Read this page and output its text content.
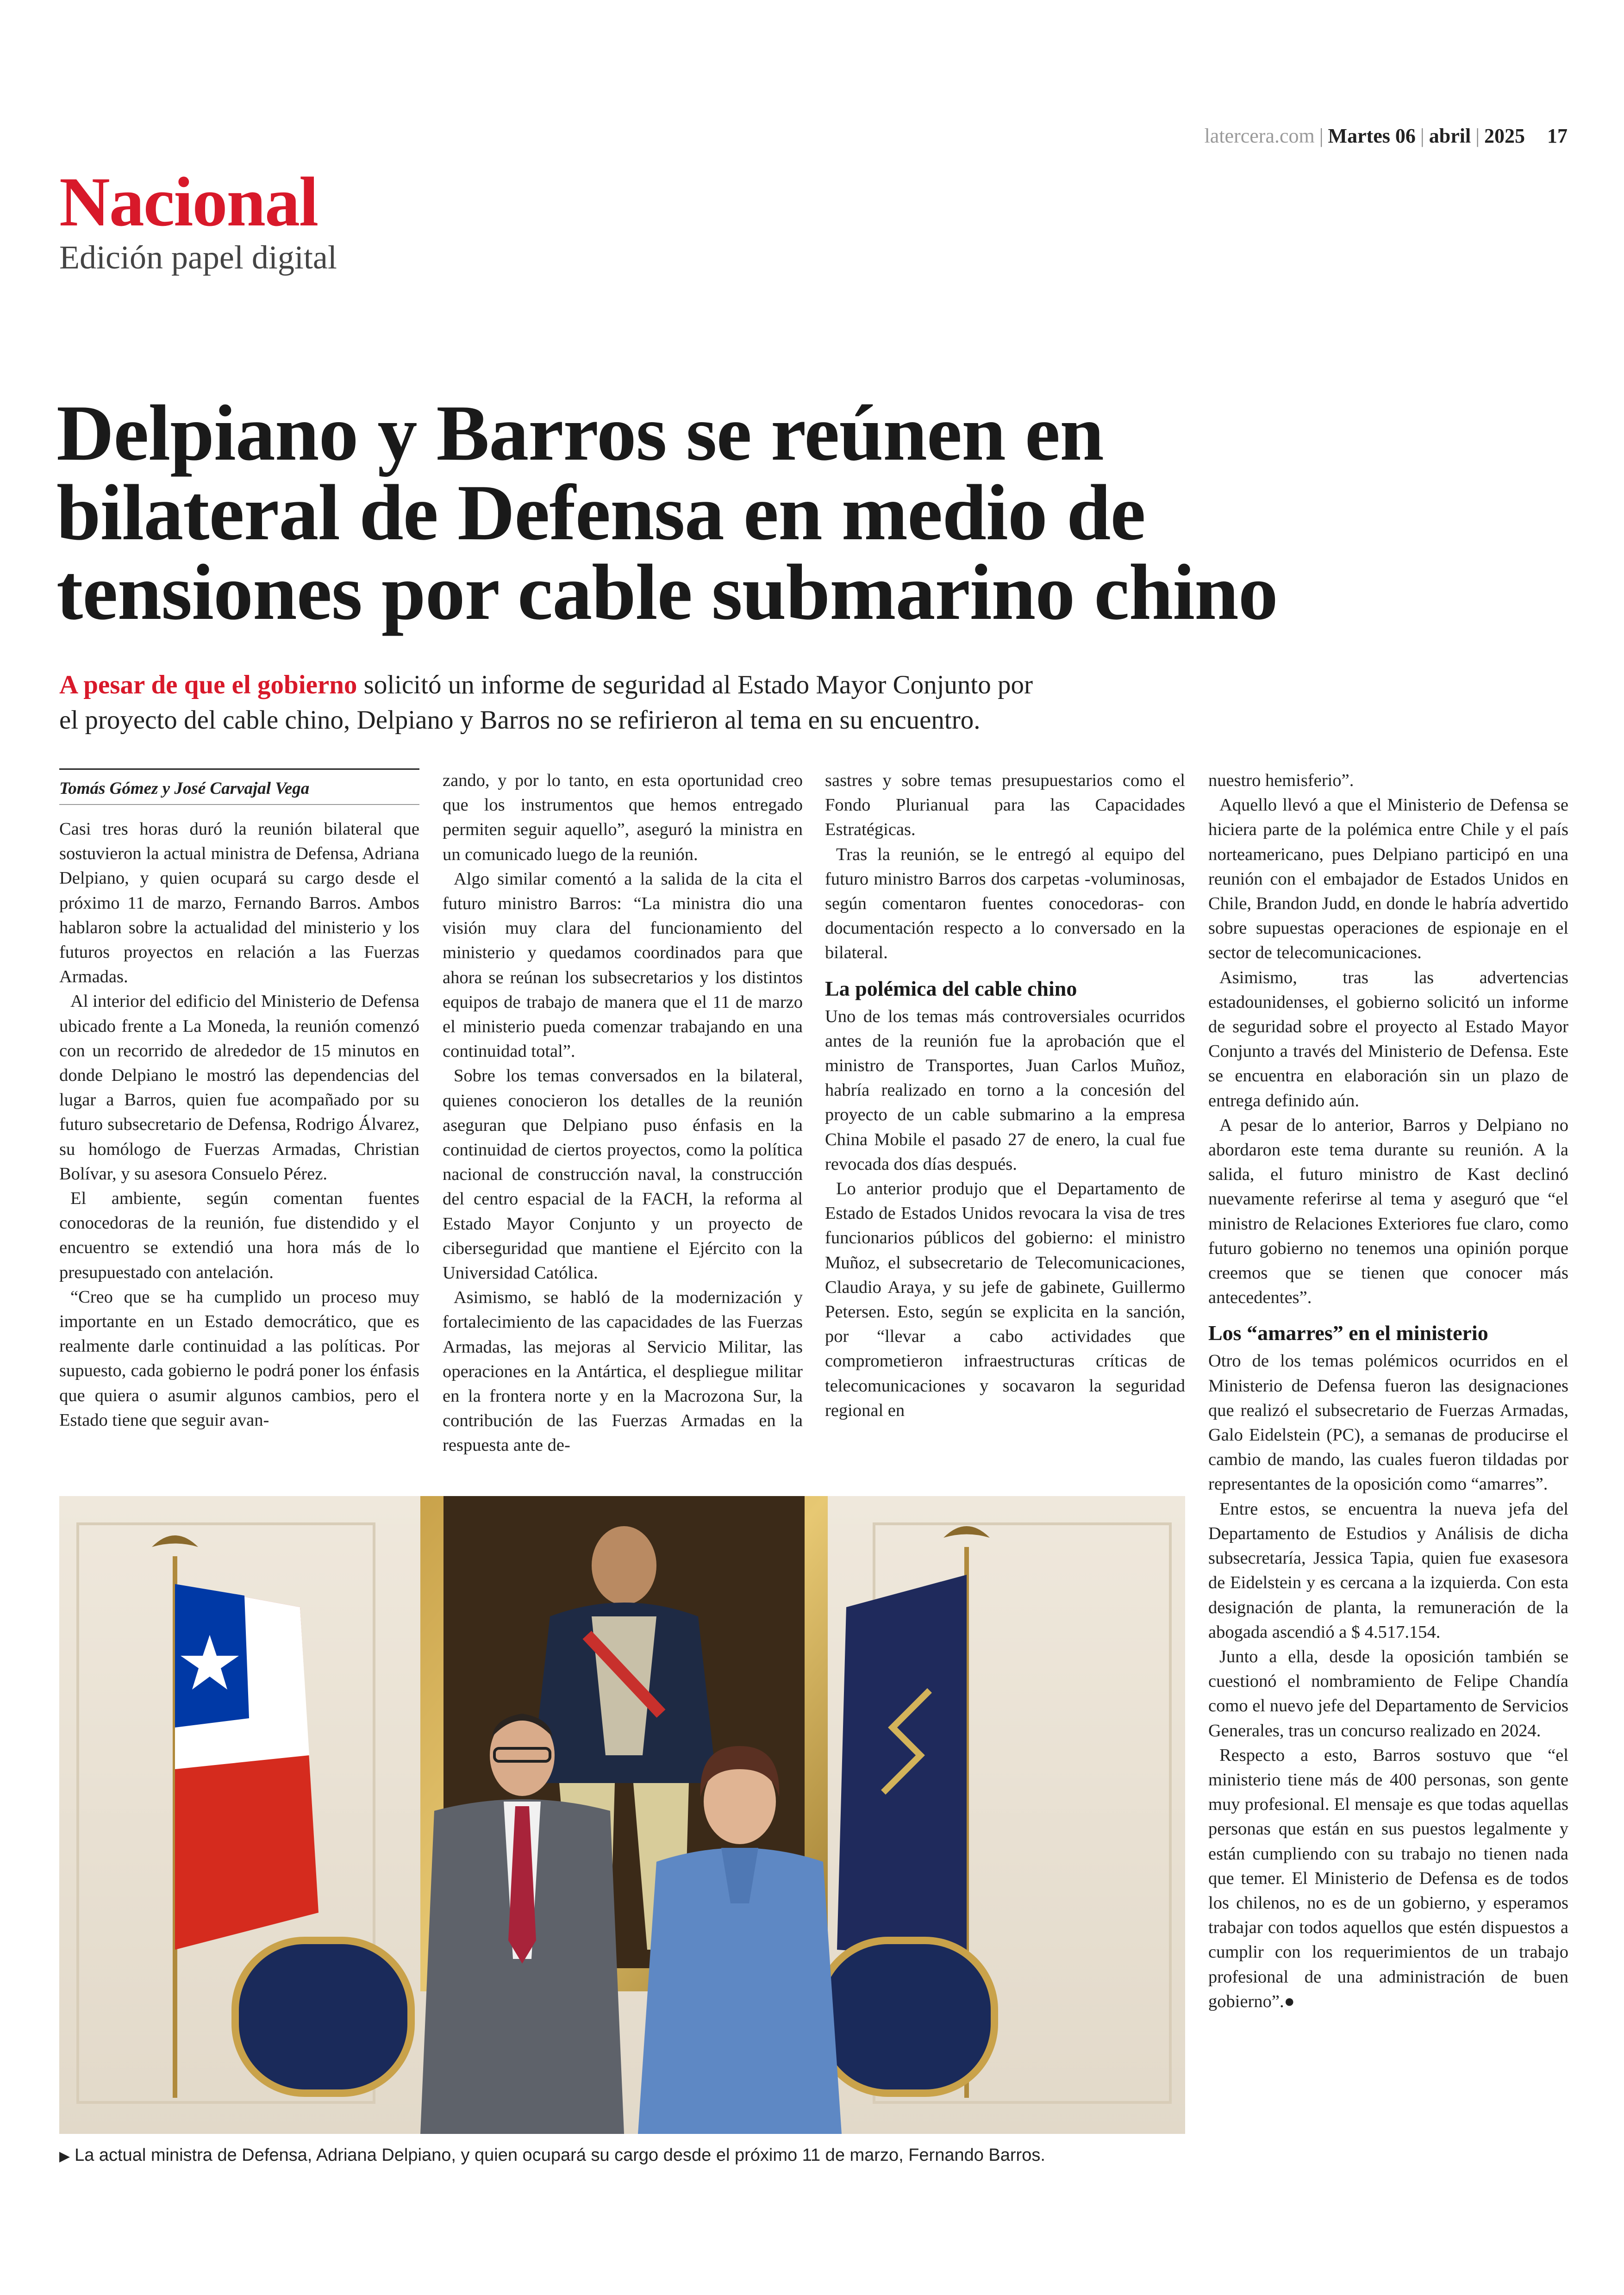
latercera.com | Martes 06 | abril | 2025 17
Nacional
Edición papel digital
Delpiano y Barros se reúnen en
bilateral de Defensa en medio de
tensiones por cable submarino chino
A pesar de que el gobierno solicitó un informe de seguridad al Estado Mayor Conjunto por
el proyecto del cable chino, Delpiano y Barros no se refirieron al tema en su encuentro.
Tomás Gómez y José Carvajal Vega

Casi tres horas duró la reunión bilateral que sostuvieron la actual ministra de Defensa, Adriana Delpiano, y quien ocupará su cargo desde el próximo 11 de marzo, Fernando Barros. Ambos hablaron sobre la actualidad del ministerio y los futuros proyectos en relación a las Fuerzas Armadas.

Al interior del edificio del Ministerio de Defensa ubicado frente a La Moneda, la reunión comenzó con un recorrido de alrededor de 15 minutos en donde Delpiano le mostró las dependencias del lugar a Barros, quien fue acompañado por su futuro subsecretario de Defensa, Rodrigo Álvarez, su homólogo de Fuerzas Armadas, Christian Bolívar, y su asesora Consuelo Pérez.

El ambiente, según comentan fuentes conocedoras de la reunión, fue distendido y el encuentro se extendió una hora más de lo presupuestado con antelación.

“Creo que se ha cumplido un proceso muy importante en un Estado democrático, que es realmente darle continuidad a las políticas. Por supuesto, cada gobierno le podrá poner los énfasis que quiera o asumir algunos cambios, pero el Estado tiene que seguir avan-

zando, y por lo tanto, en esta oportunidad creo que los instrumentos que hemos entregado permiten seguir aquello”, aseguró la ministra en un comunicado luego de la reunión.

Algo similar comentó a la salida de la cita el futuro ministro Barros: “La ministra dio una visión muy clara del funcionamiento del ministerio y quedamos coordinados para que ahora se reúnan los subsecretarios y los distintos equipos de trabajo de manera que el 11 de marzo el ministerio pueda comenzar trabajando en una continuidad total”.

Sobre los temas conversados en la bilateral, quienes conocieron los detalles de la reunión aseguran que Delpiano puso énfasis en la continuidad de ciertos proyectos, como la política nacional de construcción naval, la construcción del centro espacial de la FACH, la reforma al Estado Mayor Conjunto y un proyecto de ciberseguridad que mantiene el Ejército con la Universidad Católica.

Asimismo, se habló de la modernización y fortalecimiento de las capacidades de las Fuerzas Armadas, las mejoras al Servicio Militar, las operaciones en la Antártica, el despliegue militar en la frontera norte y en la Macrozona Sur, la contribución de las Fuerzas Armadas en la respuesta ante de-

sastres y sobre temas presupuestarios como el Fondo Plurianual para las Capacidades Estratégicas.

Tras la reunión, se le entregó al equipo del futuro ministro Barros dos carpetas -voluminosas, según comentaron fuentes conocedoras- con documentación respecto a lo conversado en la bilateral.

La polémica del cable chino

Uno de los temas más controversiales ocurridos antes de la reunión fue la aprobación que el ministro de Transportes, Juan Carlos Muñoz, habría realizado en torno a la concesión del proyecto de un cable submarino a la empresa China Mobile el pasado 27 de enero, la cual fue revocada dos días después.

Lo anterior produjo que el Departamento de Estado de Estados Unidos revocara la visa de tres funcionarios públicos del gobierno: el ministro Muñoz, el subsecretario de Telecomunicaciones, Claudio Araya, y su jefe de gabinete, Guillermo Petersen. Esto, según se explicita en la sanción, por “llevar a cabo actividades que comprometieron infraestructuras críticas de telecomunicaciones y socavaron la seguridad regional en

nuestro hemisferio”.

Aquello llevó a que el Ministerio de Defensa se hiciera parte de la polémica entre Chile y el país norteamericano, pues Delpiano participó en una reunión con el embajador de Estados Unidos en Chile, Brandon Judd, en donde le habría advertido sobre supuestas operaciones de espionaje en el sector de telecomunicaciones.

Asimismo, tras las advertencias estadounidenses, el gobierno solicitó un informe de seguridad sobre el proyecto al Estado Mayor Conjunto a través del Ministerio de Defensa. Este se encuentra en elaboración sin un plazo de entrega definido aún.

A pesar de lo anterior, Barros y Delpiano no abordaron este tema durante su reunión. A la salida, el futuro ministro de Kast declinó nuevamente referirse al tema y aseguró que “el ministro de Relaciones Exteriores fue claro, como futuro gobierno no tenemos una opinión porque creemos que se tienen que conocer más antecedentes”.

Los “amarres” en el ministerio

Otro de los temas polémicos ocurridos en el Ministerio de Defensa fueron las designaciones que realizó el subsecretario de Fuerzas Armadas, Galo Eidelstein (PC), a semanas de producirse el cambio de mando, las cuales fueron tildadas por representantes de la oposición como “amarres”.

Entre estos, se encuentra la nueva jefa del Departamento de Estudios y Análisis de dicha subsecretaría, Jessica Tapia, quien fue exasesora de Eidelstein y es cercana a la izquierda. Con esta designación de planta, la remuneración de la abogada ascendió a $ 4.517.154.

Junto a ella, desde la oposición también se cuestionó el nombramiento de Felipe Chandía como el nuevo jefe del Departamento de Servicios Generales, tras un concurso realizado en 2024.

Respecto a esto, Barros sostuvo que “el ministerio tiene más de 400 personas, son gente muy profesional. El mensaje es que todas aquellas personas que están en sus puestos legalmente y están cumpliendo con su trabajo no tienen nada que temer. El Ministerio de Defensa es de todos los chilenos, no es de un gobierno, y esperamos trabajar con todos aquellos que estén dispuestos a cumplir con los requerimientos de un trabajo profesional de una administración de buen gobierno”.●

▶ La actual ministra de Defensa, Adriana Delpiano, y quien ocupará su cargo desde el próximo 11 de marzo, Fernando Barros.
